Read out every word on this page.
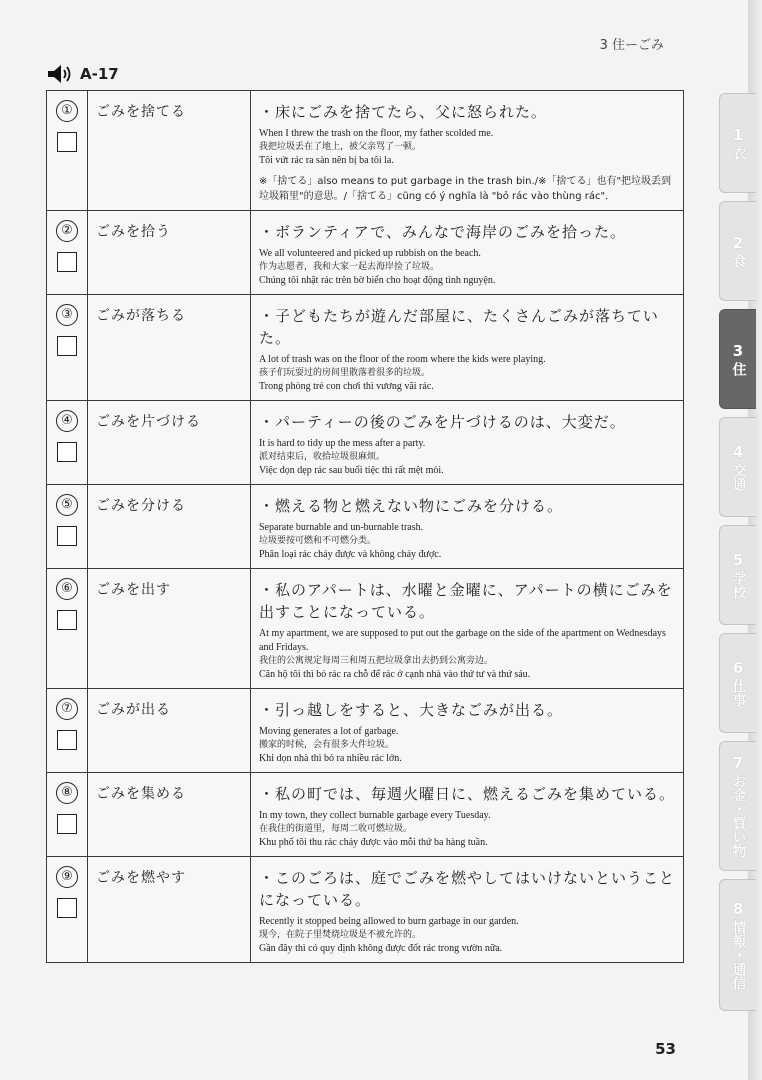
3 住ーごみ
A-17
①	ごみを捨てる	・床にごみを捨てたら、父に怒られた。
When I threw the trash on the floor, my father scolded me.
我把垃圾丢在了地上，被父亲骂了一顿。
Tôi vứt rác ra sàn nên bị ba tôi la.
※「捨てる」also means to put garbage in the trash bin./※「捨てる」也有"把垃圾丢到垃圾箱里"的意思。/「捨てる」cũng có ý nghĩa là "bỏ rác vào thùng rác".

②	ごみを拾う	・ボランティアで、みんなで海岸のごみを拾った。
We all volunteered and picked up rubbish on the beach.
作为志愿者，我和大家一起去海岸捡了垃圾。
Chúng tôi nhặt rác trên bờ biển cho hoạt động tình nguyện.

③	ごみが落ちる	・子どもたちが遊んだ部屋に、たくさんごみが落ちていた。
A lot of trash was on the floor of the room where the kids were playing.
孩子们玩耍过的房间里散落着很多的垃圾。
Trong phòng trẻ con chơi thì vương vãi rác.

④	ごみを片づける	・パーティーの後のごみを片づけるのは、大変だ。
It is hard to tidy up the mess after a party.
派对结束后，收拾垃圾很麻烦。
Việc dọn dẹp rác sau buổi tiệc thì rất mệt mỏi.

⑤	ごみを分ける	・燃える物と燃えない物にごみを分ける。
Separate burnable and un-burnable trash.
垃圾要按可燃和不可燃分类。
Phân loại rác cháy được và không cháy được.

⑥	ごみを出す	・私のアパートは、水曜と金曜に、アパートの横にごみを出すことになっている。
At my apartment, we are supposed to put out the garbage on the side of the apartment on Wednesdays and Fridays.
我住的公寓规定每周三和周五把垃圾拿出去扔到公寓旁边。
Căn hộ tôi thì bỏ rác ra chỗ để rác ở cạnh nhà vào thứ tư và thứ sáu.

⑦	ごみが出る	・引っ越しをすると、大きなごみが出る。
Moving generates a lot of garbage.
搬家的时候，会有很多大件垃圾。
Khi dọn nhà thì bỏ ra nhiều rác lớn.

⑧	ごみを集める	・私の町では、毎週火曜日に、燃えるごみを集めている。
In my town, they collect burnable garbage every Tuesday.
在我住的街道里，每周二收可燃垃圾。
Khu phố tôi thu rác cháy được vào mỗi thứ ba hàng tuần.

⑨	ごみを燃やす	・このごろは、庭でごみを燃やしてはいけないということになっている。
Recently it stopped being allowed to burn garbage in our garden.
现今，在院子里焚烧垃圾是不被允许的。
Gần đây thì có quy định không được đốt rác trong vườn nữa.
53
1
衣
2
食
3
住
4
交通
5
学校
6
仕事
7
お金・買い物
8
情報・通信
